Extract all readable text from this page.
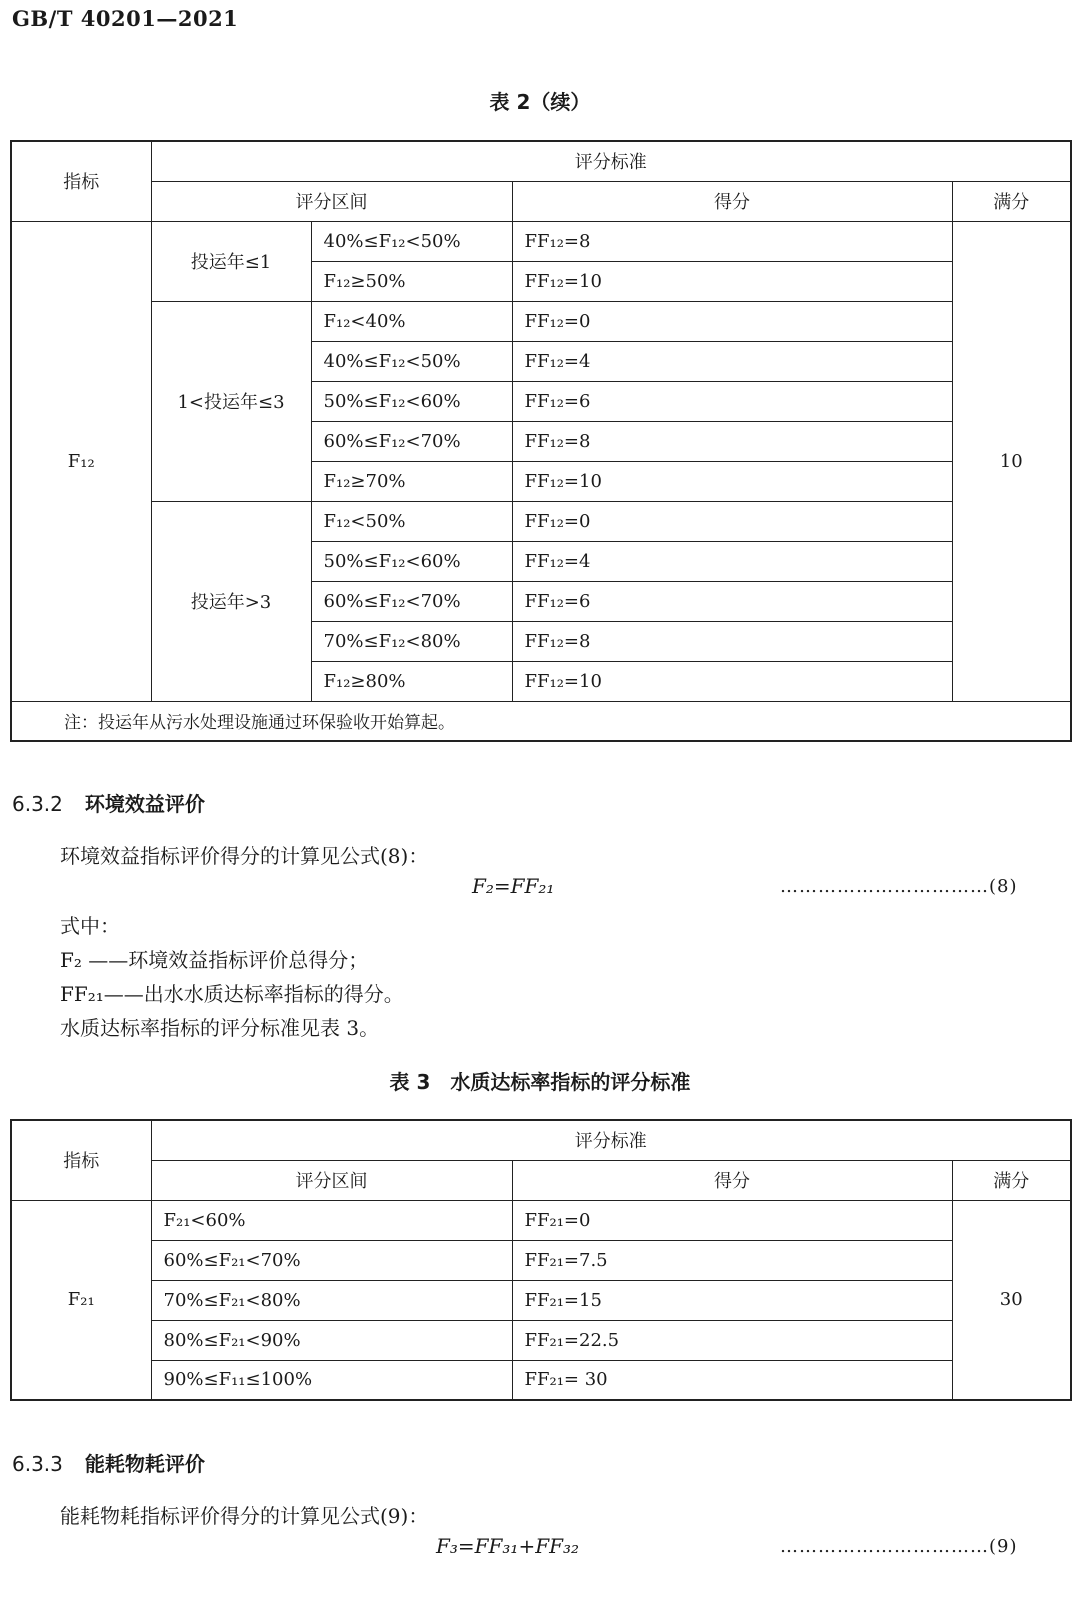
GB/T 40201—2021
表 2（续）
指标	评分标准			
	评分区间		得分	满分
F₁₂	投运年≤1	40%≤F₁₂<50%	FF₁₂=8	10
		F₁₂≥50%	FF₁₂=10	
	1<投运年≤3	F₁₂<40%	FF₁₂=0	
		40%≤F₁₂<50%	FF₁₂=4	
		50%≤F₁₂<60%	FF₁₂=6	
		60%≤F₁₂<70%	FF₁₂=8	
		F₁₂≥70%	FF₁₂=10	
	投运年>3	F₁₂<50%	FF₁₂=0	
		50%≤F₁₂<60%	FF₁₂=4	
		60%≤F₁₂<70%	FF₁₂=6	
		70%≤F₁₂<80%	FF₁₂=8	
		F₁₂≥80%	FF₁₂=10	
注：投运年从污水处理设施通过环保验收开始算起。				
6.3.2 环境效益评价
环境效益指标评价得分的计算见公式(8)：
F₂=FF₂₁	……………………………(8)
式中：
F₂ ——环境效益指标评价总得分；
FF₂₁——出水水质达标率指标的得分。
水质达标率指标的评分标准见表 3。
表 3　水质达标率指标的评分标准
指标	评分标准		
	评分区间	得分	满分
F₂₁	F₂₁<60%	FF₂₁=0	30
	60%≤F₂₁<70%	FF₂₁=7.5	
	70%≤F₂₁<80%	FF₂₁=15	
	80%≤F₂₁<90%	FF₂₁=22.5	
	90%≤F₁₁≤100%	FF₂₁= 30	
6.3.3 能耗物耗评价
能耗物耗指标评价得分的计算见公式(9)：
F₃=FF₃₁+FF₃₂	……………………………(9)
